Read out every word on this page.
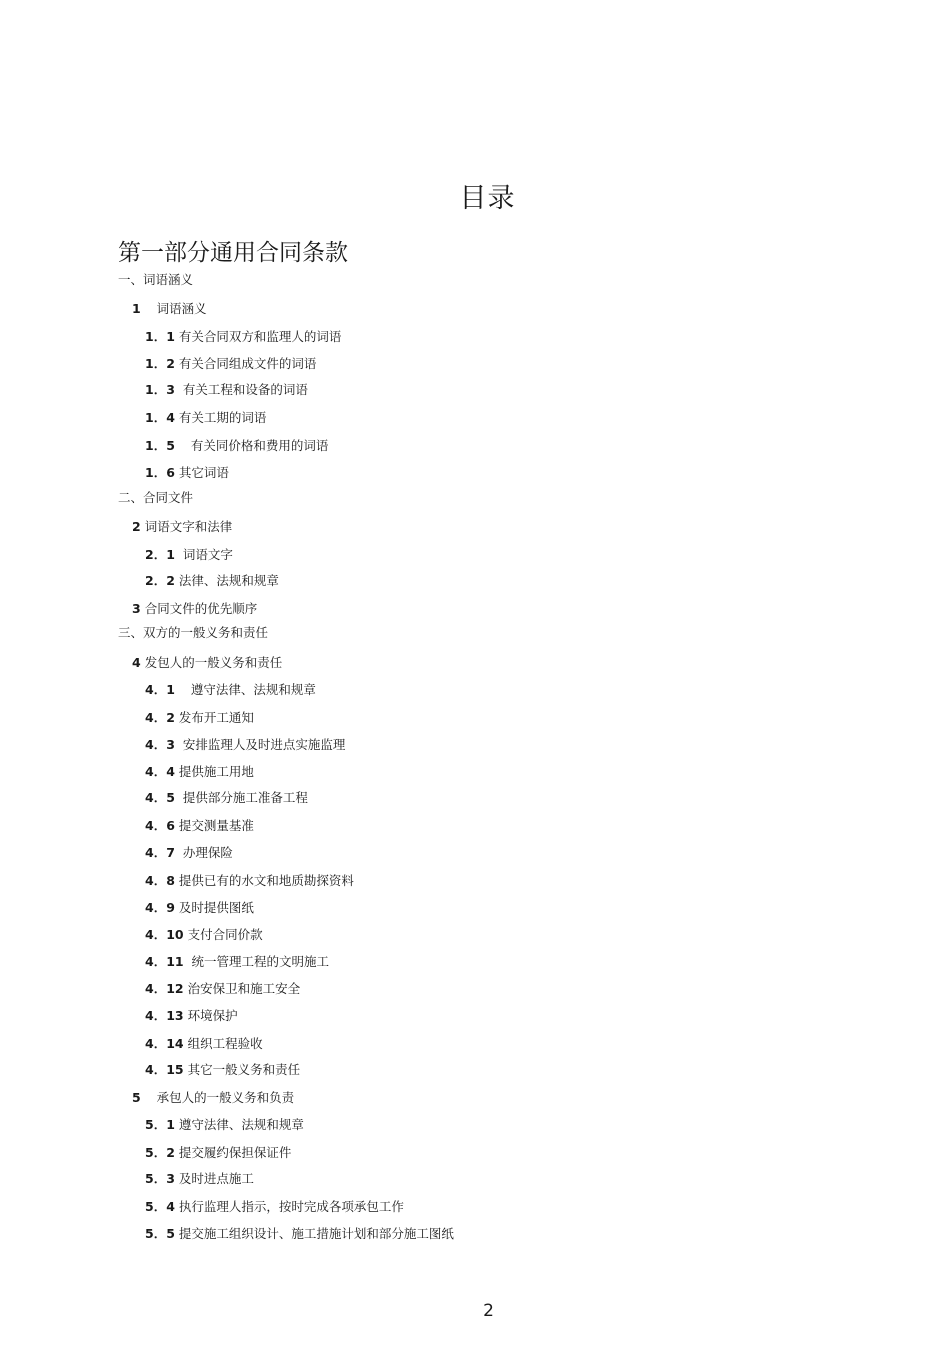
目录
第一部分通用合同条款
一、词语涵义
1 词语涵义
1．1 有关合同双方和监理人的词语
1．2 有关合同组成文件的词语
1．3 有关工程和设备的词语
1．4 有关工期的词语
1．5 有关同价格和费用的词语
1．6 其它词语
二、合同文件
2 词语文字和法律
2．1 词语文字
2．2 法律、法规和规章
3 合同文件的优先顺序
三、双方的一般义务和责任
4 发包人的一般义务和责任
4．1 遵守法律、法规和规章
4．2 发布开工通知
4．3 安排监理人及时进点实施监理
4．4 提供施工用地
4．5 提供部分施工准备工程
4．6 提交测量基准
4．7 办理保险
4．8 提供已有的水文和地质勘探资料
4．9 及时提供图纸
4．10 支付合同价款
4．11 统一管理工程的文明施工
4．12 治安保卫和施工安全
4．13 环境保护
4．14 组织工程验收
4．15 其它一般义务和责任
5 承包人的一般义务和负责
5．1 遵守法律、法规和规章
5．2 提交履约保担保证件
5．3 及时进点施工
5．4 执行监理人指示，按时完成各项承包工作
5．5 提交施工组织设计、施工措施计划和部分施工图纸
2
